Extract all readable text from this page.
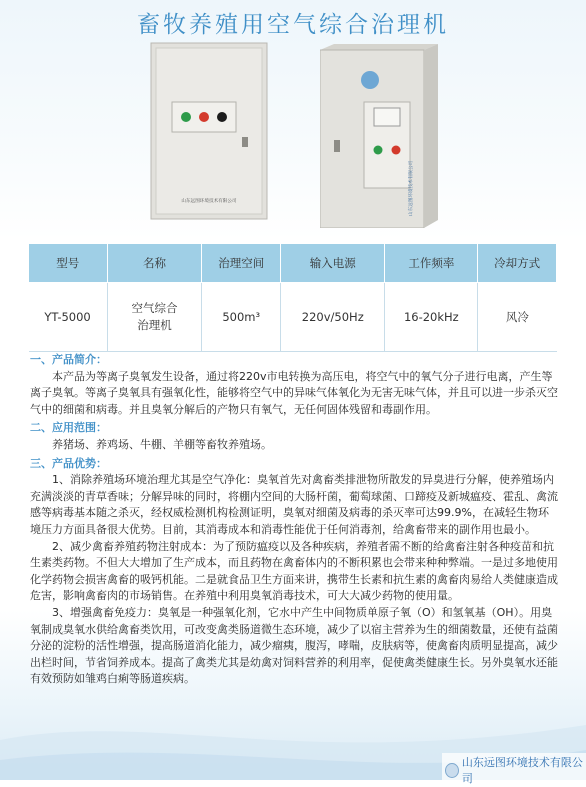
畜牧养殖用空气综合治理机
山东远图环境技术有限公司	山东远图环境技术有限公司
型号	名称	治理空间	输入电源	工作频率	冷却方式
YT-5000	空气综合治理机	500m³	220v/50Hz	16-20kHz	风冷

一、产品简介：

本产品为等离子臭氧发生设备，通过将220v市电转换为高压电，将空气中的氧气分子进行电离，产生等离子臭氧。等离子臭氧具有强氧化性，能够将空气中的异味气体氧化为无害无味气体，并且可以进一步杀灭空气中的细菌和病毒。并且臭氧分解后的产物只有氧气，无任何固体残留和毒副作用。

二、应用范围：

养猪场、养鸡场、牛棚、羊棚等畜牧养殖场。

三、产品优势：

1、消除养殖场环境治理尤其是空气净化：臭氧首先对禽畜类排泄物所散发的异臭进行分解，使养殖场内充满淡淡的青草香味；分解异味的同时，将棚内空间的大肠杆菌，葡萄球菌、口蹄疫及新城瘟疫、霍乱、禽流感等病毒基本随之杀灭，经权威检测机构检测证明，臭氧对细菌及病毒的杀灭率可达99.9%，在减轻生物环境压力方面具备很大优势。目前，其消毒成本和消毒性能优于任何消毒剂，给禽畜带来的副作用也最小。

2、减少禽畜养殖药物注射成本：为了预防瘟疫以及各种疾病，养殖者需不断的给禽畜注射各种疫苗和抗生素类药物。不但大大增加了生产成本，而且药物在禽畜体内的不断积累也会带来种种弊端。一是过多地使用化学药物会损害禽畜的吸钙机能。二是就食品卫生方面来讲，携带生长素和抗生素的禽畜肉易给人类健康造成危害，影响禽畜肉的市场销售。在养殖中利用臭氧消毒技术，可大大减少药物的使用量。

3、增强禽畜免疫力：臭氧是一种强氧化剂，它水中产生中间物质单原子氧（O）和氢氧基（OH）。用臭氧制成臭氧水供给禽畜类饮用，可改变禽类肠道微生态环境，减少了以宿主营养为生的细菌数量，还使有益菌分泌的淀粉的活性增强，提高肠道消化能力，减少瘤痍，腹泻，哮喘，皮肤病等，使禽畜肉质明显提高，减少出栏时间，节省饲养成本。提高了禽类尤其是幼禽对饲料营养的利用率，促使禽类健康生长。另外臭氧水还能有效预防如雏鸡白痢等肠道疾病。

山东远图环境技术有限公司
